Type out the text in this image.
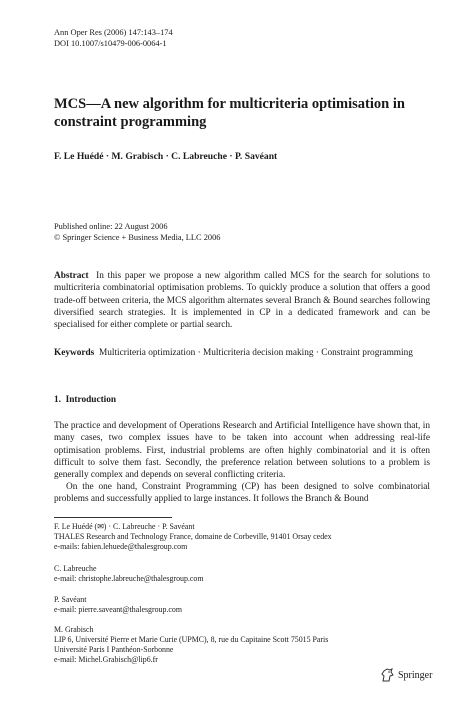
Ann Oper Res (2006) 147:143–174
DOI 10.1007/s10479-006-0064-1
MCS—A new algorithm for multicriteria optimisation in constraint programming
F. Le Huédé · M. Grabisch · C. Labreuche · P. Savéant
Published online: 22 August 2006
© Springer Science + Business Media, LLC 2006
Abstract In this paper we propose a new algorithm called MCS for the search for solutions to multicriteria combinatorial optimisation problems. To quickly produce a solution that offers a good trade-off between criteria, the MCS algorithm alternates several Branch & Bound searches following diversified search strategies. It is implemented in CP in a dedicated framework and can be specialised for either complete or partial search.
Keywords Multicriteria optimization · Multicriteria decision making · Constraint programming
1.  Introduction
The practice and development of Operations Research and Artificial Intelligence have shown that, in many cases, two complex issues have to be taken into account when addressing real-life optimisation problems. First, industrial problems are often highly combinatorial and it is often difficult to solve them fast. Secondly, the preference relation between solutions to a problem is generally complex and depends on several conflicting criteria.
On the one hand, Constraint Programming (CP) has been designed to solve combinatorial problems and successfully applied to large instances. It follows the Branch & Bound
F. Le Huédé (✉) · C. Labreuche · P. Savéant
THALES Research and Technology France, domaine de Corbeville, 91401 Orsay cedex
e-mails: fabien.lehuede@thalesgroup.com
C. Labreuche
e-mail: christophe.labreuche@thalesgroup.com
P. Savéant
e-mail: pierre.saveant@thalesgroup.com
M. Grabisch
LIP 6, Université Pierre et Marie Curie (UPMC), 8, rue du Capitaine Scott 75015 Paris
Université Paris I Panthéon-Sorbonne
e-mail: Michel.Grabisch@lip6.fr
Springer
